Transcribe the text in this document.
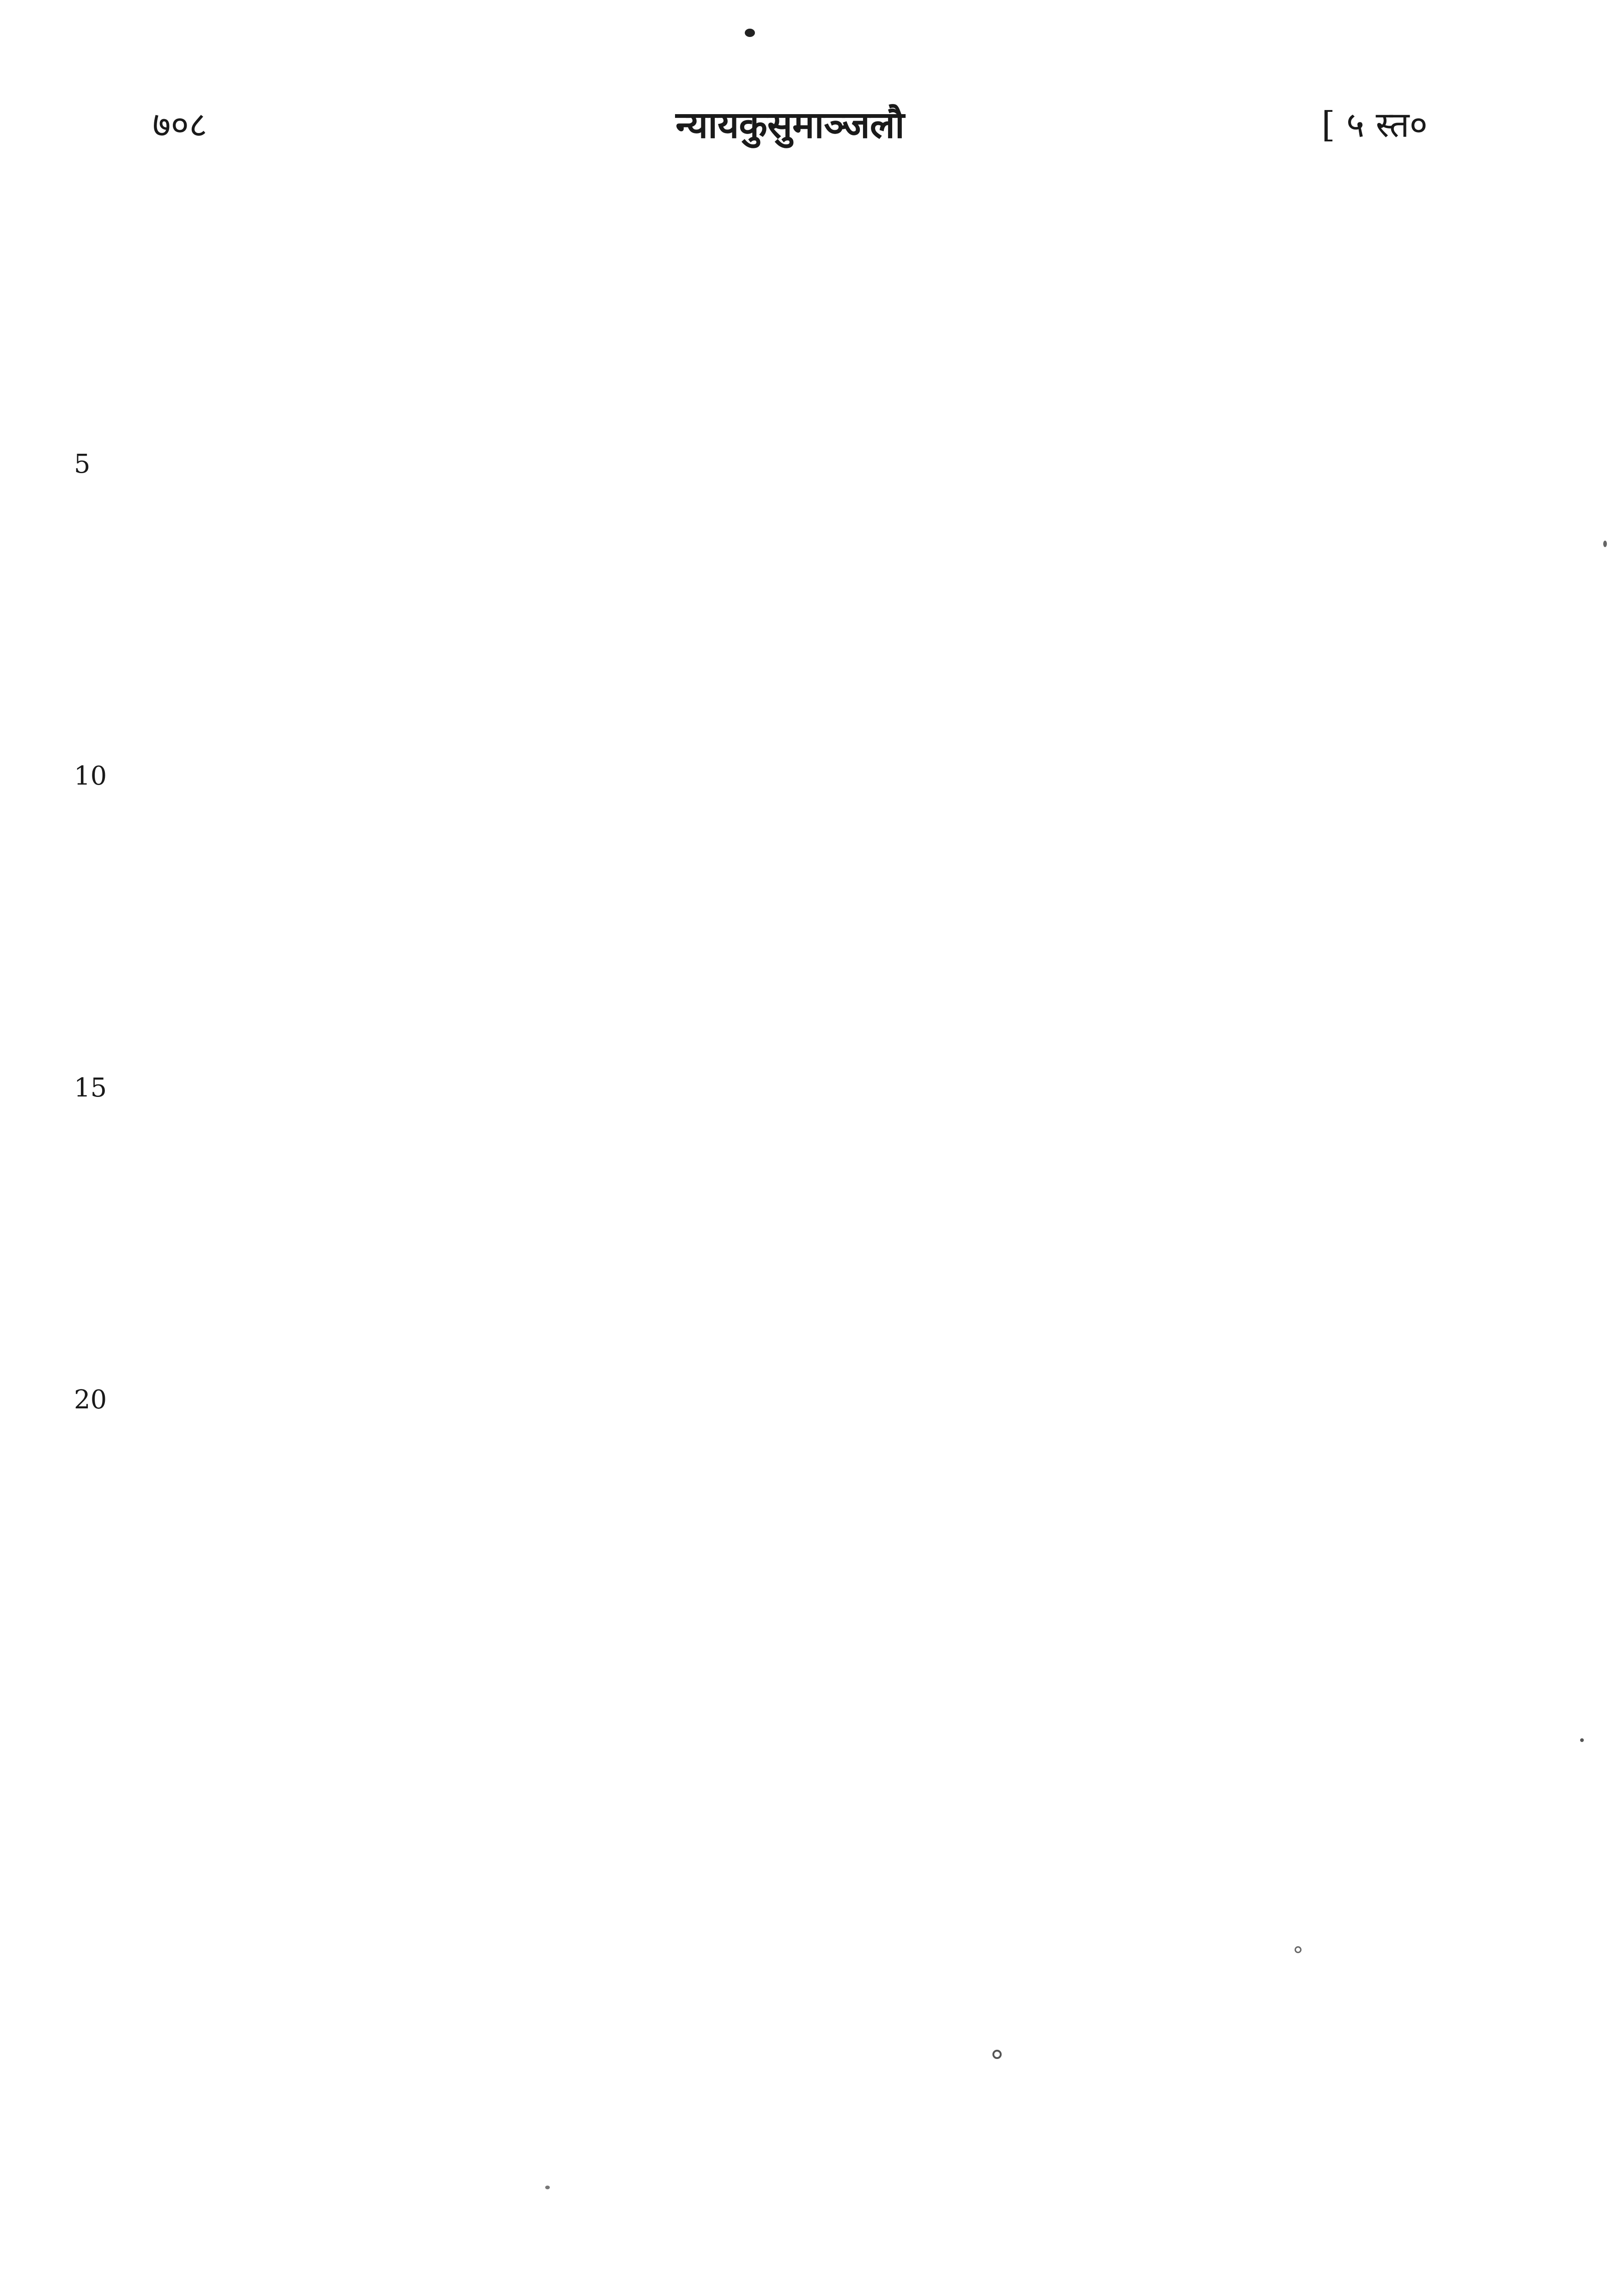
७०८	न्यायकुसुमाञ्जलौ	[ ५ स्त०
5
10
15
20
